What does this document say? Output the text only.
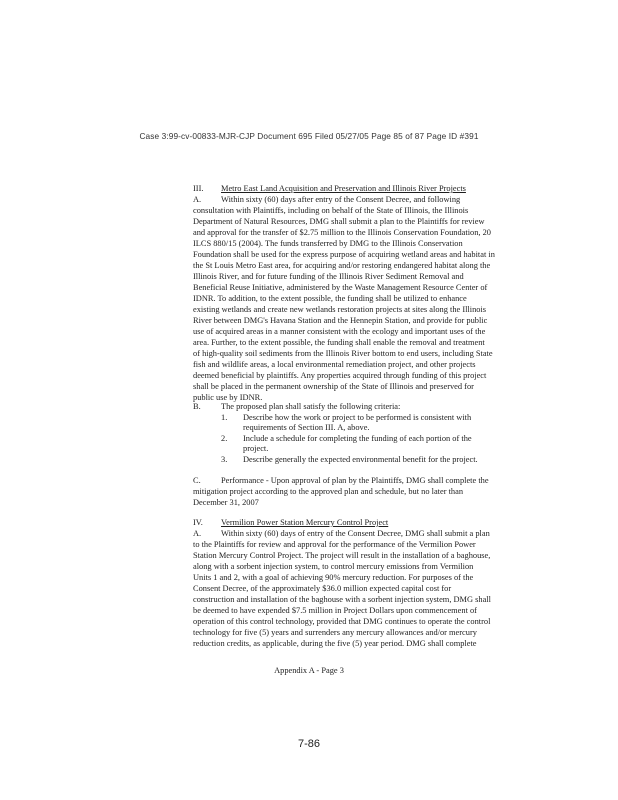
Case 3:99-cv-00833-MJR-CJP Document 695 Filed 05/27/05 Page 85 of 87 Page ID #391
III. Metro East Land Acquisition and Preservation and Illinois River Projects
A. Within sixty (60) days after entry of the Consent Decree, and following
consultation with Plaintiffs, including on behalf of the State of Illinois, the Illinois
Department of Natural Resources, DMG shall submit a plan to the Plaintiffs for review
and approval for the transfer of $2.75 million to the Illinois Conservation Foundation, 20
ILCS 880/15 (2004). The funds transferred by DMG to the Illinois Conservation
Foundation shall be used for the express purpose of acquiring wetland areas and habitat in
the St Louis Metro East area, for acquiring and/or restoring endangered habitat along the
Illinois River, and for future funding of the Illinois River Sediment Removal and
Beneficial Reuse Initiative, administered by the Waste Management Resource Center of
IDNR. To addition, to the extent possible, the funding shall be utilized to enhance
existing wetlands and create new wetlands restoration projects at sites along the Illinois
River between DMG's Havana Station and the Hennepin Station, and provide for public
use of acquired areas in a manner consistent with the ecology and important uses of the
area. Further, to the extent possible, the funding shall enable the removal and treatment
of high-quality soil sediments from the Illinois River bottom to end users, including State
fish and wildlife areas, a local environmental remediation project, and other projects
deemed beneficial by plaintiffs. Any properties acquired through funding of this project
shall be placed in the permanent ownership of the State of Illinois and preserved for
public use by IDNR.
B. The proposed plan shall satisfy the following criteria:
1. Describe how the work or project to be performed is consistent with
requirements of Section III. A, above.
2. Include a schedule for completing the funding of each portion of the
project.
3. Describe generally the expected environmental benefit for the project.
C. Performance - Upon approval of plan by the Plaintiffs, DMG shall complete the
mitigation project according to the approved plan and schedule, but no later than
December 31, 2007
IV. Vermilion Power Station Mercury Control Project
A. Within sixty (60) days of entry of the Consent Decree, DMG shall submit a plan
to the Plaintiffs for review and approval for the performance of the Vermilion Power
Station Mercury Control Project. The project will result in the installation of a baghouse,
along with a sorbent injection system, to control mercury emissions from Vermilion
Units 1 and 2, with a goal of achieving 90% mercury reduction. For purposes of the
Consent Decree, of the approximately $36.0 million expected capital cost for
construction and installation of the baghouse with a sorbent injection system, DMG shall
be deemed to have expended $7.5 million in Project Dollars upon commencement of
operation of this control technology, provided that DMG continues to operate the control
technology for five (5) years and surrenders any mercury allowances and/or mercury
reduction credits, as applicable, during the five (5) year period. DMG shall complete
Appendix A - Page 3
7-86
